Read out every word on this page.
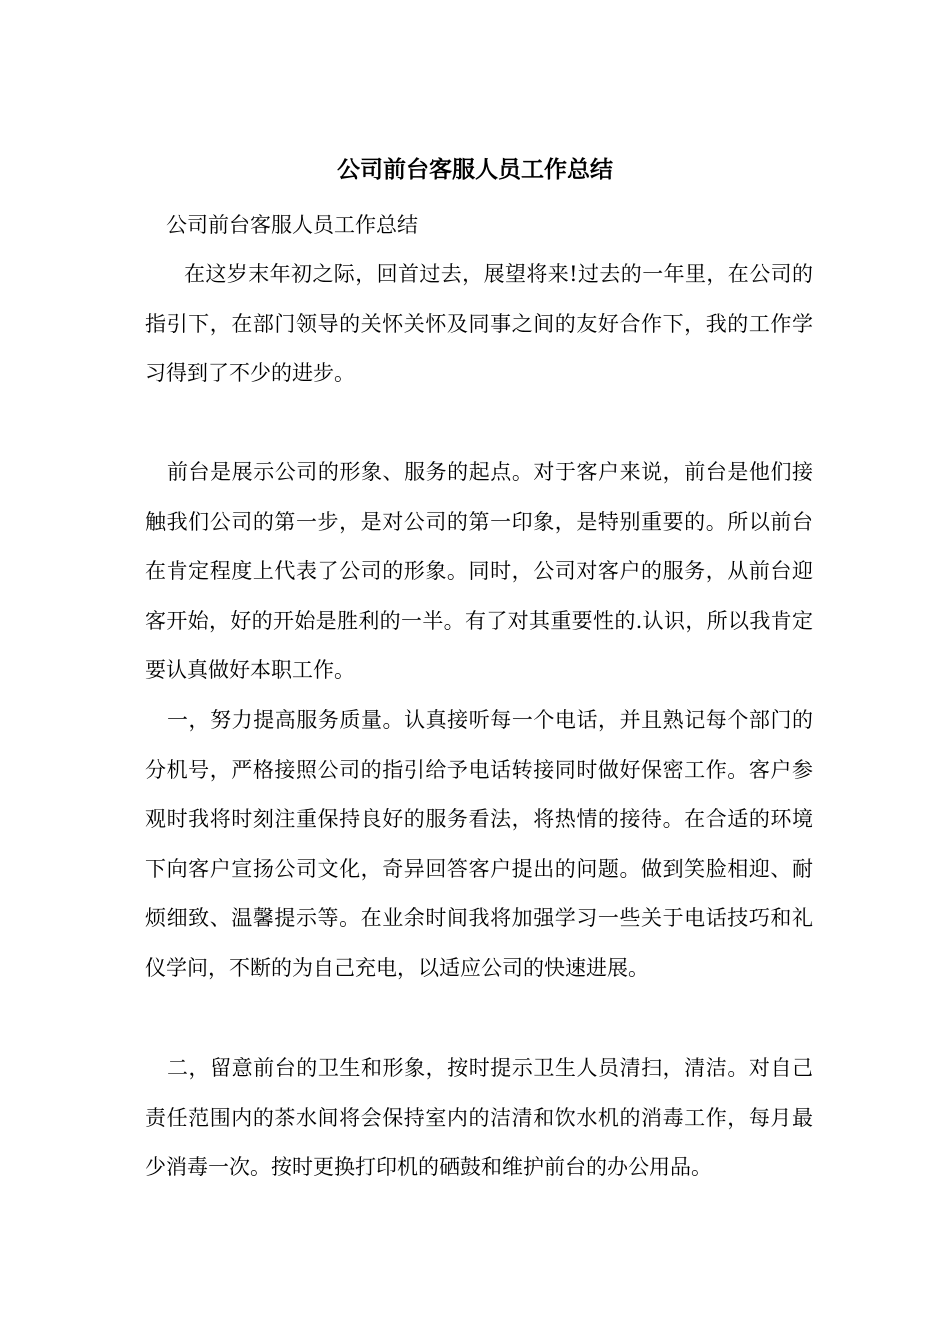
公司前台客服人员工作总结

公司前台客服人员工作总结

在这岁末年初之际，回首过去，展望将来!过去的一年里，在公司的指引下，在部门领导的关怀关怀及同事之间的友好合作下，我的工作学习得到了不少的进步。

前台是展示公司的形象、服务的起点。对于客户来说，前台是他们接触我们公司的第一步，是对公司的第一印象，是特别重要的。所以前台在肯定程度上代表了公司的形象。同时，公司对客户的服务，从前台迎客开始，好的开始是胜利的一半。有了对其重要性的.认识，所以我肯定要认真做好本职工作。

一，努力提高服务质量。认真接听每一个电话，并且熟记每个部门的分机号，严格接照公司的指引给予电话转接同时做好保密工作。客户参观时我将时刻注重保持良好的服务看法，将热情的接待。在合适的环境下向客户宣扬公司文化，奇异回答客户提出的问题。做到笑脸相迎、耐烦细致、温馨提示等。在业余时间我将加强学习一些关于电话技巧和礼仪学问，不断的为自己充电，以适应公司的快速进展。

二，留意前台的卫生和形象，按时提示卫生人员清扫，清洁。对自己责任范围内的茶水间将会保持室内的洁清和饮水机的消毒工作，每月最少消毒一次。按时更换打印机的硒鼓和维护前台的办公用品。
